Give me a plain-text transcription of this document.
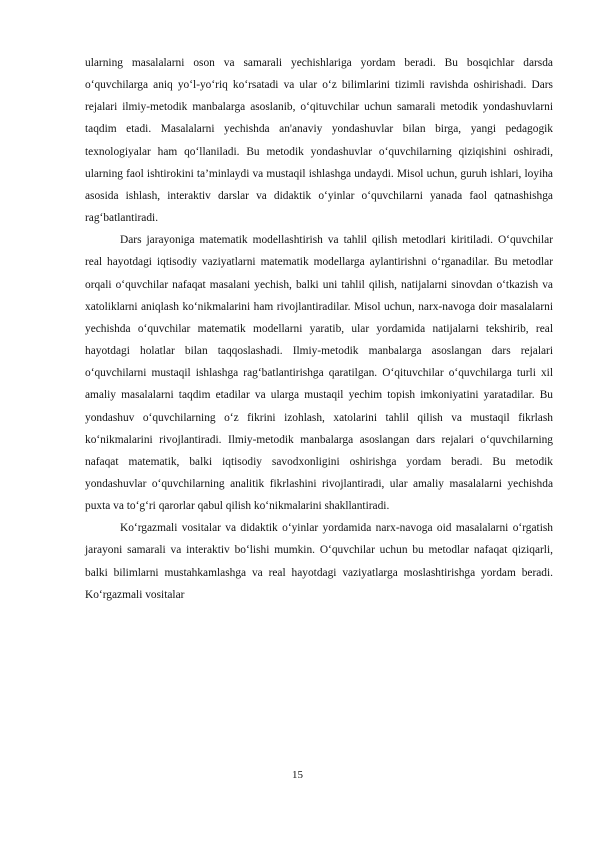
ularning masalalarni oson va samarali yechishlariga yordam beradi. Bu bosqichlar darsda o‘quvchilarga aniq yo‘l-yo‘riq ko‘rsatadi va ular o‘z bilimlarini tizimli ravishda oshirishadi. Dars rejalari ilmiy-metodik manbalarga asoslanib, o‘qituvchilar uchun samarali metodik yondashuvlarni taqdim etadi. Masalalarni yechishda an'anaviy yondashuvlar bilan birga, yangi pedagogik texnologiyalar ham qo‘llaniladi. Bu metodik yondashuvlar o‘quvchilarning qiziqishini oshiradi, ularning faol ishtirokini ta’minlaydi va mustaqil ishlashga undaydi. Misol uchun, guruh ishlari, loyiha asosida ishlash, interaktiv darslar va didaktik o‘yinlar o‘quvchilarni yanada faol qatnashishga rag‘batlantiradi.

Dars jarayoniga matematik modellashtirish va tahlil qilish metodlari kiritiladi. O‘quvchilar real hayotdagi iqtisodiy vaziyatlarni matematik modellarga aylantirishni o‘rganadilar. Bu metodlar orqali o‘quvchilar nafaqat masalani yechish, balki uni tahlil qilish, natijalarni sinovdan o‘tkazish va xatoliklarni aniqlash ko‘nikmalarini ham rivojlantiradilar. Misol uchun, narx-navoga doir masalalarni yechishda o‘quvchilar matematik modellarni yaratib, ular yordamida natijalarni tekshirib, real hayotdagi holatlar bilan taqqoslashadi. Ilmiy-metodik manbalarga asoslangan dars rejalari o‘quvchilarni mustaqil ishlashga rag‘batlantirishga qaratilgan. O‘qituvchilar o‘quvchilarga turli xil amaliy masalalarni taqdim etadilar va ularga mustaqil yechim topish imkoniyatini yaratadilar. Bu yondashuv o‘quvchilarning o‘z fikrini izohlash, xatolarini tahlil qilish va mustaqil fikrlash ko‘nikmalarini rivojlantiradi. Ilmiy-metodik manbalarga asoslangan dars rejalari o‘quvchilarning nafaqat matematik, balki iqtisodiy savodxonligini oshirishga yordam beradi. Bu metodik yondashuvlar o‘quvchilarning analitik fikrlashini rivojlantiradi, ular amaliy masalalarni yechishda puxta va to‘g‘ri qarorlar qabul qilish ko‘nikmalarini shakllantiradi.

Ko‘rgazmali vositalar va didaktik o‘yinlar yordamida narx-navoga oid masalalarni o‘rgatish jarayoni samarali va interaktiv bo‘lishi mumkin. O‘quvchilar uchun bu metodlar nafaqat qiziqarli, balki bilimlarni mustahkamlashga va real hayotdagi vaziyatlarga moslashtirishga yordam beradi. Ko‘rgazmali vositalar

15
